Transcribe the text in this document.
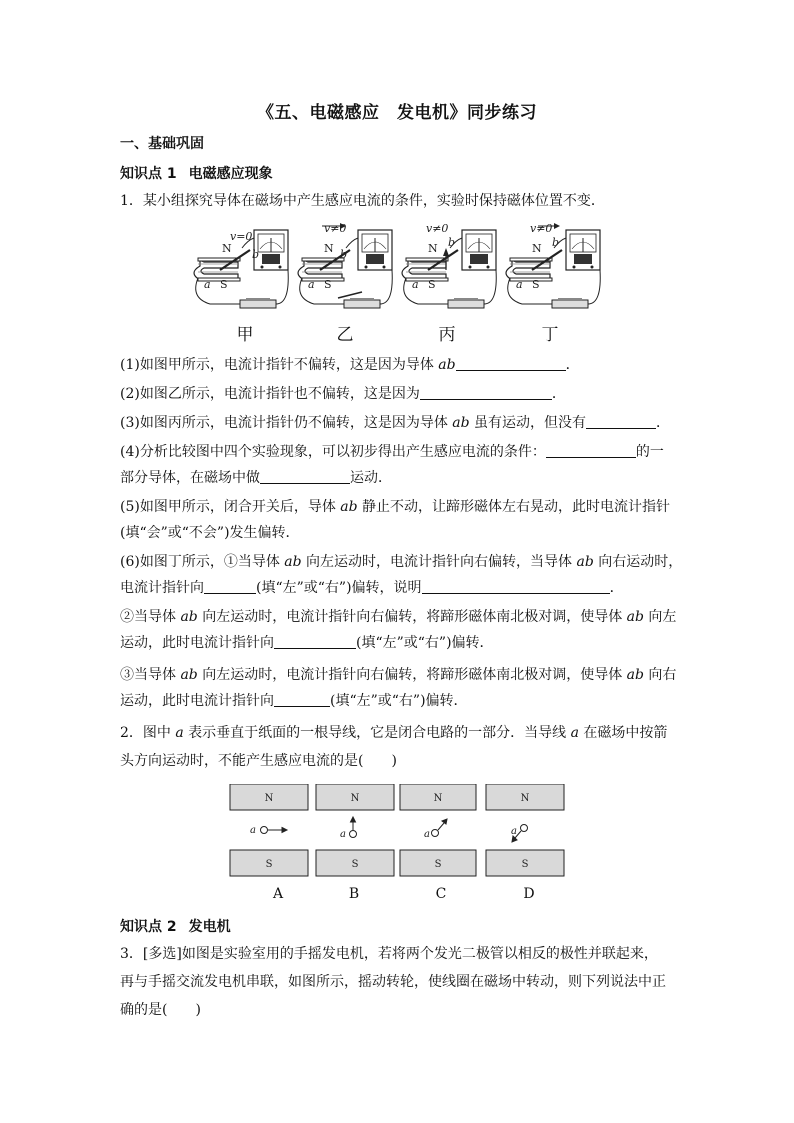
《五、电磁感应　发电机》同步练习
一、基础巩固
知识点 1 电磁感应现象
1．某小组探究导体在磁场中产生感应电流的条件，实验时保持磁体位置不变．
v=0
N
S
a
b
v≠0
N
S
a
b
v≠0
N
S
a
b
v≠0
N
S
a
b
甲	乙	丙	丁
(1)如图甲所示，电流计指针不偏转，这是因为导体 ab	．
(2)如图乙所示，电流计指针也不偏转，这是因为	．
(3)如图丙所示，电流计指针仍不偏转，这是因为导体 ab 虽有运动，但没有	．
(4)分析比较图中四个实验现象，可以初步得出产生感应电流的条件：	的一
部分导体，在磁场中做	运动．
(5)如图甲所示，闭合开关后，导体 ab 静止不动，让蹄形磁体左右晃动，此时电流计指针
(填“会”或“不会”)发生偏转．
(6)如图丁所示，①当导体 ab 向左运动时，电流计指针向右偏转，当导体 ab 向右运动时，
电流计指针向	(填“左”或“右”)偏转，说明	．
②当导体 ab 向左运动时，电流计指针向右偏转，将蹄形磁体南北极对调，使导体 ab 向左
运动，此时电流计指针向	(填“左”或“右”)偏转．
③当导体 ab 向左运动时，电流计指针向右偏转，将蹄形磁体南北极对调，使导体 ab 向右
运动，此时电流计指针向	(填“左”或“右”)偏转．
2．图中 a 表示垂直于纸面的一根导线，它是闭合电路的一部分．当导线 a 在磁场中按箭
头方向运动时，不能产生感应电流的是(　　)
N	N	N	N
S	S	S	S
a	a	a	a
A	B	C	D
知识点 2 发电机
3．[多选]如图是实验室用的手摇发电机，若将两个发光二极管以相反的极性并联起来，
再与手摇交流发电机串联，如图所示，摇动转轮，使线圈在磁场中转动，则下列说法中正
确的是(　　)
